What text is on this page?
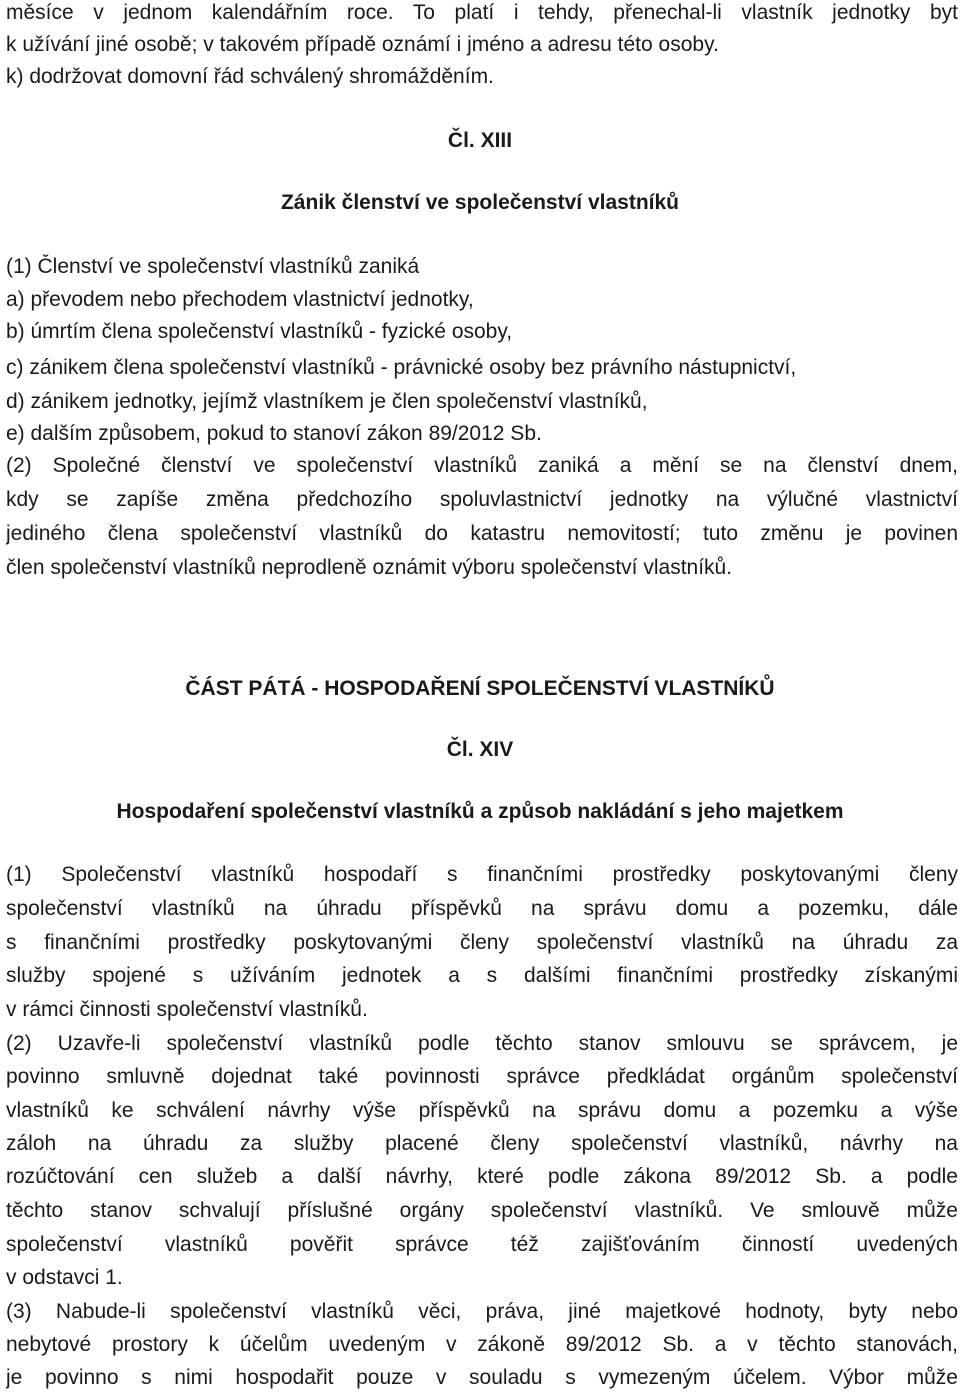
měsíce v jednom kalendářním roce. To platí i tehdy, přenechal-li vlastník jednotky byt
k užívání jiné osobě; v takovém případě oznámí i jméno a adresu této osoby.
k) dodržovat domovní řád schválený shromážděním.
Čl. XIII
Zánik členství ve společenství vlastníků
(1) Členství ve společenství vlastníků zaniká
a) převodem nebo přechodem vlastnictví jednotky,
b) úmrtím člena společenství vlastníků - fyzické osoby,
c) zánikem člena společenství vlastníků - právnické osoby bez právního nástupnictví,
d) zánikem jednotky, jejímž vlastníkem je člen společenství vlastníků,
e) dalším způsobem, pokud to stanoví zákon 89/2012 Sb.
(2) Společné členství ve společenství vlastníků zaniká a mění se na členství dnem,
kdy se zapíše změna předchozího spoluvlastnictví jednotky na výlučné vlastnictví
jediného člena společenství vlastníků do katastru nemovitostí; tuto změnu je povinen
člen společenství vlastníků neprodleně oznámit výboru společenství vlastníků.
ČÁST PÁTÁ - HOSPODAŘENÍ SPOLEČENSTVÍ VLASTNÍKŮ
Čl. XIV
Hospodaření společenství vlastníků a způsob nakládání s jeho majetkem
(1) Společenství vlastníků hospodaří s finančními prostředky poskytovanými členy
společenství vlastníků na úhradu příspěvků na správu domu a pozemku, dále
s finančními prostředky poskytovanými členy společenství vlastníků na úhradu za
služby spojené s užíváním jednotek a s dalšími finančními prostředky získanými
v rámci činnosti společenství vlastníků.
(2) Uzavře-li společenství vlastníků podle těchto stanov smlouvu se správcem, je
povinno smluvně dojednat také povinnosti správce předkládat orgánům společenství
vlastníků ke schválení návrhy výše příspěvků na správu domu a pozemku a výše
záloh na úhradu za služby placené členy společenství vlastníků, návrhy na
rozúčtování cen služeb a další návrhy, které podle zákona 89/2012 Sb. a podle
těchto stanov schvalují příslušné orgány společenství vlastníků. Ve smlouvě může
společenství vlastníků pověřit správce též zajišťováním činností uvedených
v odstavci 1.
(3) Nabude-li společenství vlastníků věci, práva, jiné majetkové hodnoty, byty nebo
nebytové prostory k účelům uvedeným v zákoně 89/2012 Sb. a v těchto stanovách,
je povinno s nimi hospodařit pouze v souladu s vymezeným účelem. Výbor může
